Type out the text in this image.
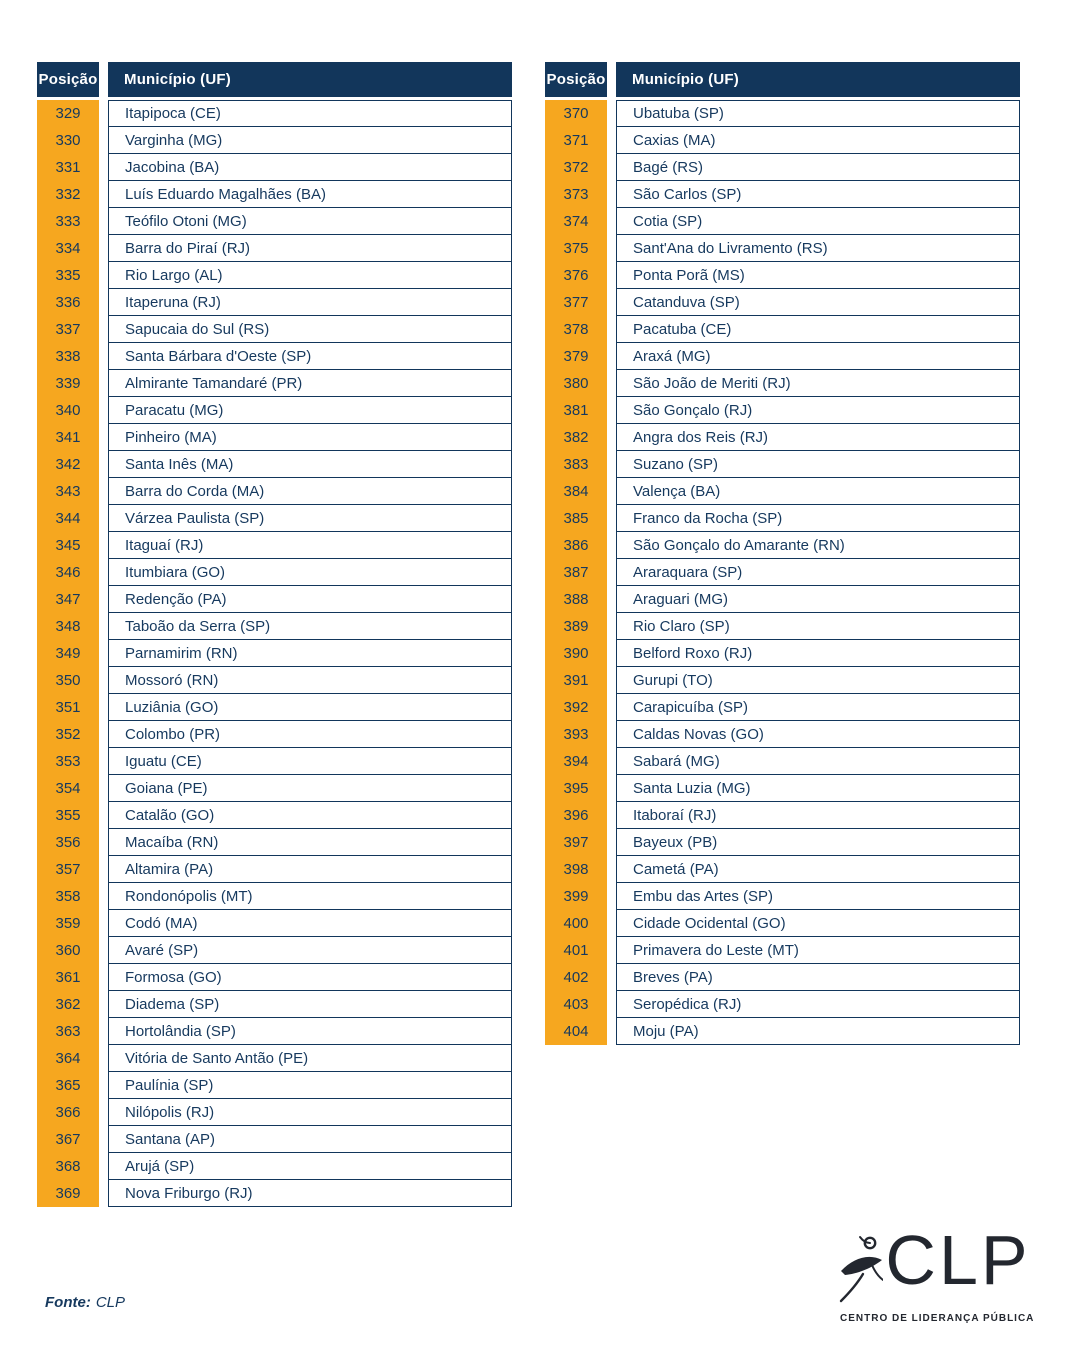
Posição	Município (UF)
329	Itapipoca (CE)
330	Varginha (MG)
331	Jacobina (BA)
332	Luís Eduardo Magalhães (BA)
333	Teófilo Otoni (MG)
334	Barra do Piraí (RJ)
335	Rio Largo (AL)
336	Itaperuna (RJ)
337	Sapucaia do Sul (RS)
338	Santa Bárbara d'Oeste (SP)
339	Almirante Tamandaré (PR)
340	Paracatu (MG)
341	Pinheiro (MA)
342	Santa Inês (MA)
343	Barra do Corda (MA)
344	Várzea Paulista (SP)
345	Itaguaí (RJ)
346	Itumbiara (GO)
347	Redenção (PA)
348	Taboão da Serra (SP)
349	Parnamirim (RN)
350	Mossoró (RN)
351	Luziânia (GO)
352	Colombo (PR)
353	Iguatu (CE)
354	Goiana (PE)
355	Catalão (GO)
356	Macaíba (RN)
357	Altamira (PA)
358	Rondonópolis (MT)
359	Codó (MA)
360	Avaré (SP)
361	Formosa (GO)
362	Diadema (SP)
363	Hortolândia (SP)
364	Vitória de Santo Antão (PE)
365	Paulínia (SP)
366	Nilópolis (RJ)
367	Santana (AP)
368	Arujá (SP)
369	Nova Friburgo (RJ)
Posição	Município (UF)
370	Ubatuba (SP)
371	Caxias (MA)
372	Bagé (RS)
373	São Carlos (SP)
374	Cotia (SP)
375	Sant'Ana do Livramento (RS)
376	Ponta Porã (MS)
377	Catanduva (SP)
378	Pacatuba (CE)
379	Araxá (MG)
380	São João de Meriti (RJ)
381	São Gonçalo (RJ)
382	Angra dos Reis (RJ)
383	Suzano (SP)
384	Valença (BA)
385	Franco da Rocha (SP)
386	São Gonçalo do Amarante (RN)
387	Araraquara (SP)
388	Araguari (MG)
389	Rio Claro (SP)
390	Belford Roxo (RJ)
391	Gurupi (TO)
392	Carapicuíba (SP)
393	Caldas Novas (GO)
394	Sabará (MG)
395	Santa Luzia (MG)
396	Itaboraí (RJ)
397	Bayeux (PB)
398	Cametá (PA)
399	Embu das Artes (SP)
400	Cidade Ocidental (GO)
401	Primavera do Leste (MT)
402	Breves (PA)
403	Seropédica (RJ)
404	Moju (PA)
Fonte: CLP
CLP
CENTRO DE LIDERANÇA PÚBLICA
